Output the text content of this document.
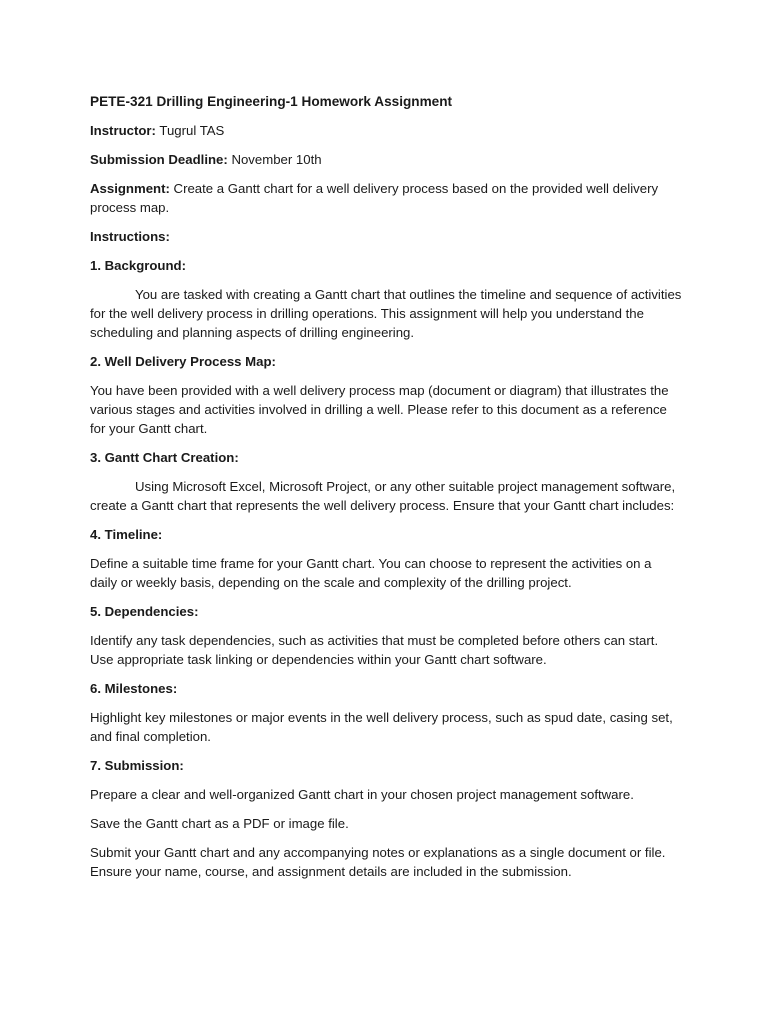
PETE-321 Drilling Engineering-1 Homework Assignment

Instructor: Tugrul TAS

Submission Deadline: November 10th

Assignment: Create a Gantt chart for a well delivery process based on the provided well delivery process map.

Instructions:

1. Background:

You are tasked with creating a Gantt chart that outlines the timeline and sequence of activities for the well delivery process in drilling operations. This assignment will help you understand the scheduling and planning aspects of drilling engineering.

2. Well Delivery Process Map:

You have been provided with a well delivery process map (document or diagram) that illustrates the various stages and activities involved in drilling a well. Please refer to this document as a reference for your Gantt chart.

3. Gantt Chart Creation:

Using Microsoft Excel, Microsoft Project, or any other suitable project management software, create a Gantt chart that represents the well delivery process. Ensure that your Gantt chart includes:

4. Timeline:

Define a suitable time frame for your Gantt chart. You can choose to represent the activities on a daily or weekly basis, depending on the scale and complexity of the drilling project.

5. Dependencies:

Identify any task dependencies, such as activities that must be completed before others can start. Use appropriate task linking or dependencies within your Gantt chart software.

6. Milestones:

Highlight key milestones or major events in the well delivery process, such as spud date, casing set, and final completion.

7. Submission:

Prepare a clear and well-organized Gantt chart in your chosen project management software.

Save the Gantt chart as a PDF or image file.

Submit your Gantt chart and any accompanying notes or explanations as a single document or file. Ensure your name, course, and assignment details are included in the submission.
